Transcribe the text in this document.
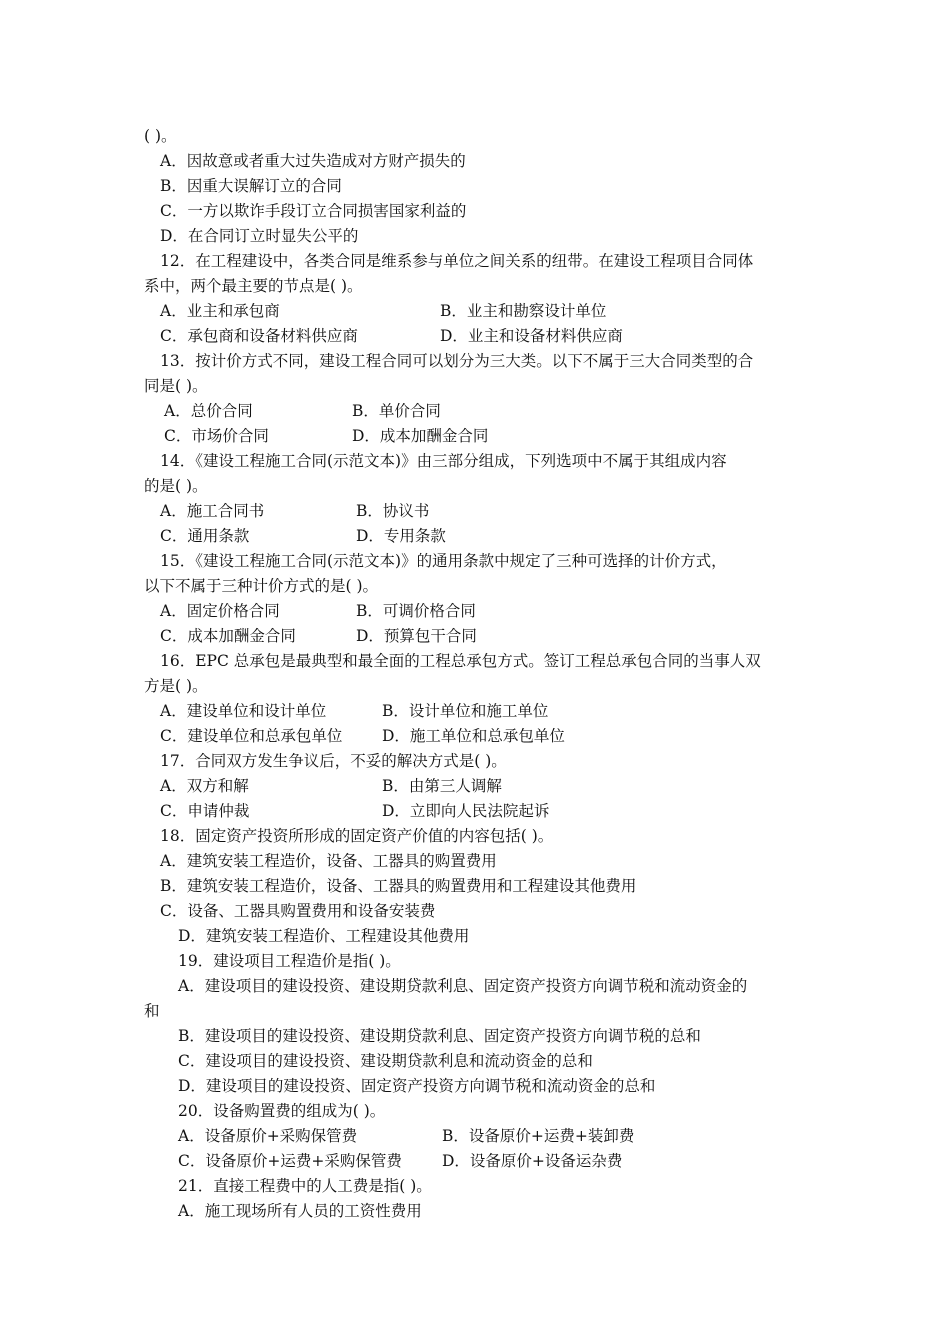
( )。
A．因故意或者重大过失造成对方财产损失的
B．因重大误解订立的合同
C．一方以欺诈手段订立合同损害国家利益的
D．在合同订立时显失公平的
12．在工程建设中，各类合同是维系参与单位之间关系的纽带。在建设工程项目合同体
系中，两个最主要的节点是( )。
A．业主和承包商	B．业主和勘察设计单位
C．承包商和设备材料供应商	D．业主和设备材料供应商
13．按计价方式不同，建设工程合同可以划分为三大类。以下不属于三大合同类型的合
同是( )。
A．总价合同	B．单价合同
C．市场价合同	D．成本加酬金合同
14．《建设工程施工合同(示范文本)》由三部分组成，下列选项中不属于其组成内容
的是( )。
A．施工合同书	B．协议书
C．通用条款	D．专用条款
15．《建设工程施工合同(示范文本)》的通用条款中规定了三种可选择的计价方式，
以下不属于三种计价方式的是( )。
A．固定价格合同	B．可调价格合同
C．成本加酬金合同	D．预算包干合同
16．EPC 总承包是最典型和最全面的工程总承包方式。签订工程总承包合同的当事人双
方是( )。
A．建设单位和设计单位	B．设计单位和施工单位
C．建设单位和总承包单位	D．施工单位和总承包单位
17．合同双方发生争议后，不妥的解决方式是( )。
A．双方和解	B．由第三人调解
C．申请仲裁	D．立即向人民法院起诉
18．固定资产投资所形成的固定资产价值的内容包括( )。
A．建筑安装工程造价，设备、工器具的购置费用
B．建筑安装工程造价，设备、工器具的购置费用和工程建设其他费用
C．设备、工器具购置费用和设备安装费
D．建筑安装工程造价、工程建设其他费用
19．建设项目工程造价是指( )。
A．建设项目的建设投资、建设期贷款利息、固定资产投资方向调节税和流动资金的
和
B．建设项目的建设投资、建设期贷款利息、固定资产投资方向调节税的总和
C．建设项目的建设投资、建设期贷款利息和流动资金的总和
D．建设项目的建设投资、固定资产投资方向调节税和流动资金的总和
20．设备购置费的组成为( )。
A．设备原价+采购保管费	B．设备原价+运费+装卸费
C．设备原价+运费+采购保管费	D．设备原价+设备运杂费
21．直接工程费中的人工费是指( )。
A．施工现场所有人员的工资性费用
